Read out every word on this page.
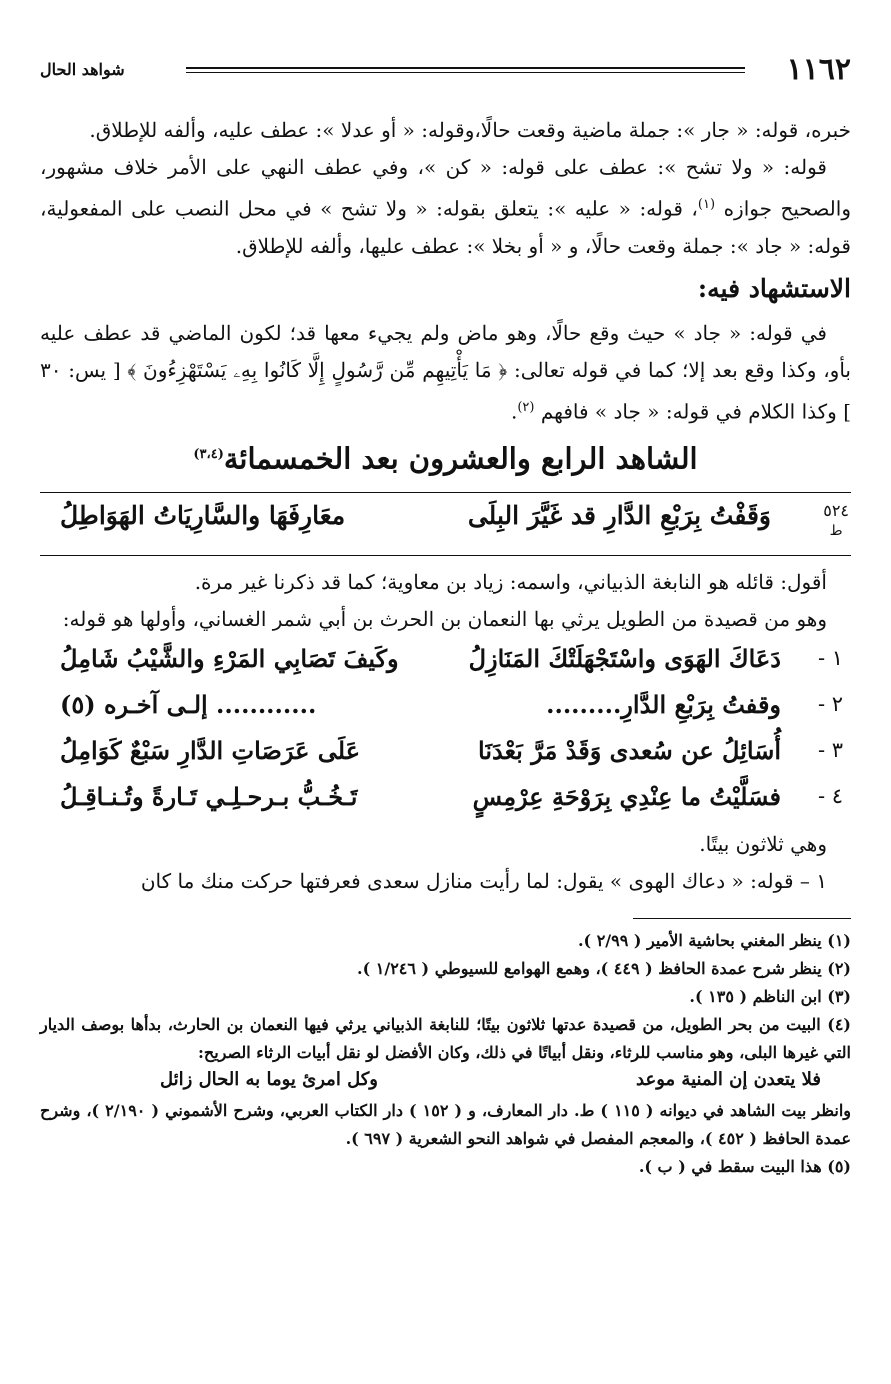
١١٦٢
شواهد الحال

خبره، قوله: « جار »: جملة ماضية وقعت حالًا،وقوله: « أو عدلا »: عطف عليه، وألفه للإطلاق.

قوله: « ولا تشح »: عطف على قوله: « كن »، وفي عطف النهي على الأمر خلاف مشهور، والصحيح جوازه $^{(١)}$، قوله: « عليه »: يتعلق بقوله: « ولا تشح » في محل النصب على المفعولية، قوله: « جاد »: جملة وقعت حالًا، و « أو بخلا »: عطف عليها، وألفه للإطلاق.

الاستشهاد فيه:

في قوله: « جاد » حيث وقع حالًا، وهو ماض ولم يجيء معها قد؛ لكون الماضي قد عطف عليه بأو، وكذا وقع بعد إلا؛ كما في قوله تعالى: ﴿ مَا يَأْتِيهِم مِّن رَّسُولٍ إِلَّا كَانُوا بِهِۦ يَسْتَهْزِءُونَ ﴾ [ يس: ٣٠ ] وكذا الكلام في قوله: « جاد » فافهم $^{(٢)}$.

الشاهد الرابع والعشرون بعد الخمسمائة$^{(٣،٤)}$
٥٢٤
ط
وَقَفْتُ بِرَبْعِ الدَّارِ قد غَيَّرَ البِلَى
معَارِفَهَا والسَّارِيَاتُ الهَوَاطِلُ

أقول: قائله هو النابغة الذبياني، واسمه: زياد بن معاوية؛ كما قد ذكرنا غير مرة.

وهو من قصيدة من الطويل يرثي بها النعمان بن الحرث بن أبي شمر الغساني، وأولها هو قوله:

١ -
دَعَاكَ الهَوَى واسْتَجْهَلَتْكَ المَنَازِلُ
وكَيفَ تَصَابِي المَرْءِ والشَّيْبُ شَامِلُ
٢ -
وقفتُ بِرَبْعِ الدَّارِ.........
............ إلـى آخـره (٥)
٣ -
أُسَائِلُ عن سُعدى وَقَدْ مَرَّ بَعْدَنَا
عَلَى عَرَصَاتِ الدَّارِ سَبْعٌ كَوَامِلُ
٤ -
فسَلَّيْتُ ما عِنْدِي بِرَوْحَةِ عِرْمِسٍ
تَـخُـبُّ بـرحـلِـي تَـارةً وتُـنـاقِـلُ

وهي ثلاثون بيتًا.

١ – قوله: « دعاك الهوى » يقول: لما رأيت منازل سعدى فعرفتها حركت منك ما كان

(١) ينظر المغني بحاشية الأمير ( ٢/٩٩ ).

(٢) ينظر شرح عمدة الحافظ ( ٤٤٩ )، وهمع الهوامع للسيوطي ( ١/٢٤٦ ).

(٣) ابن الناظم ( ١٣٥ ).

(٤) البيت من بحر الطويل، من قصيدة عدتها ثلاثون بيتًا؛ للنابغة الذبياني يرثي فيها النعمان بن الحارث، بدأها بوصف الديار التي غيرها البلى، وهو مناسب للرثاء، ونقل أبياتًا في ذلك، وكان الأفضل لو نقل أبيات الرثاء الصريح:

فلا يتعدن إن المنية موعد
وكل امرئ يوما به الحال زائل

وانظر بيت الشاهد في ديوانه ( ١١٥ ) ط. دار المعارف، و ( ١٥٢ ) دار الكتاب العربي، وشرح الأشموني ( ٢/١٩٠ )، وشرح عمدة الحافظ ( ٤٥٢ )، والمعجم المفصل في شواهد النحو الشعرية ( ٦٩٧ ).

(٥) هذا البيت سقط في ( ب ).
